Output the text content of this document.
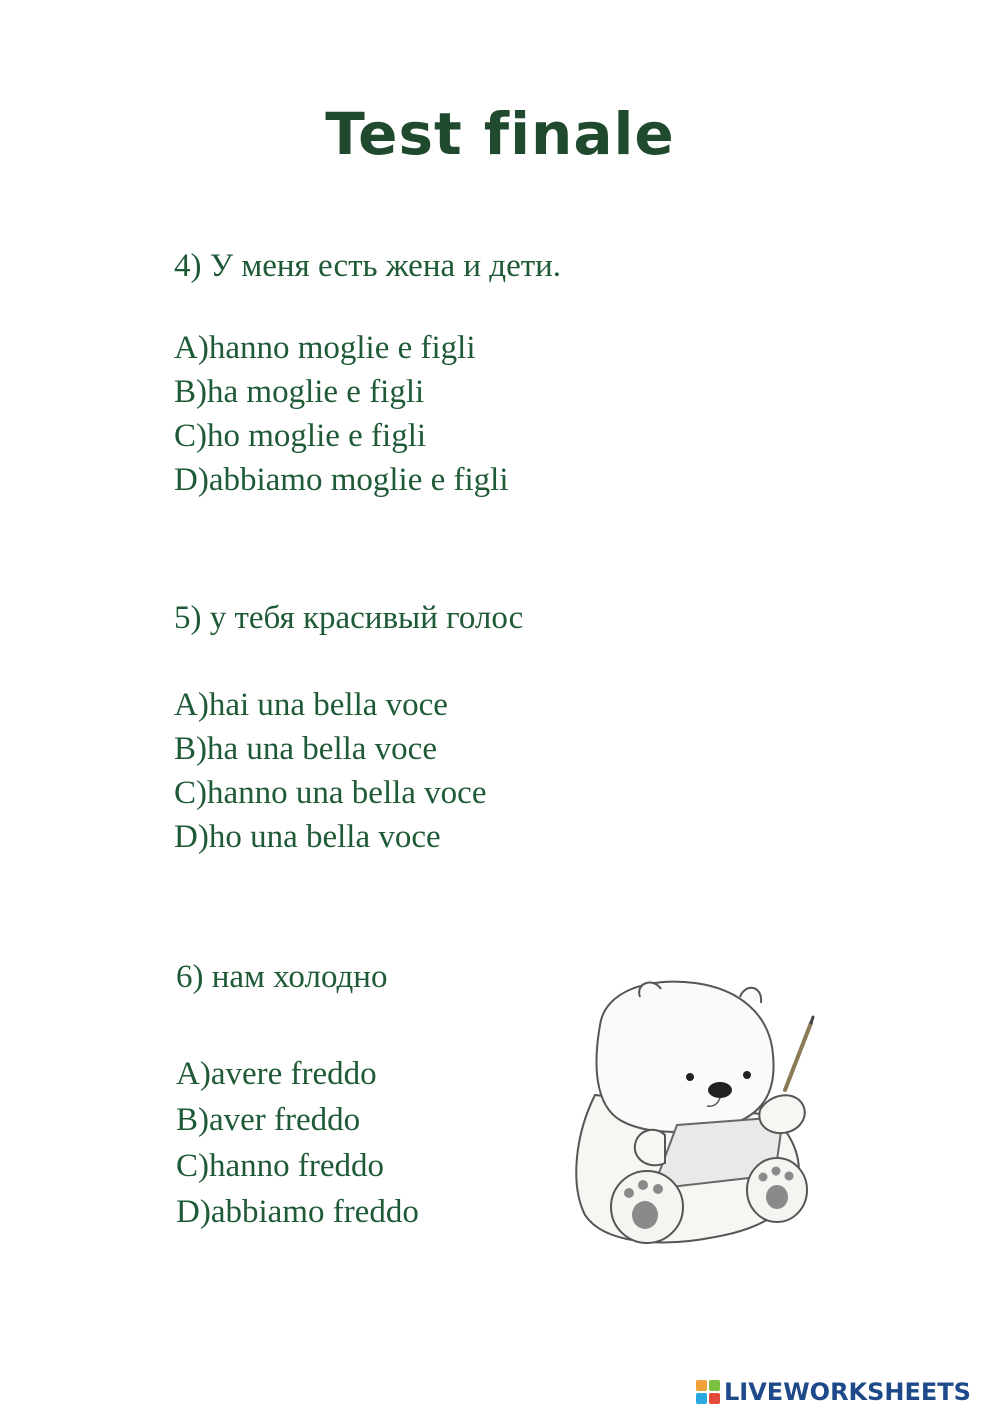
Test finale

4) У меня есть жена и дети.

A)hanno moglie e figli
B)ha moglie e figli
C)ho moglie e figli
D)abbiamo moglie e figli

5) у тебя красивый голос

A)hai una bella voce
B)ha una bella voce
C)hanno una bella voce
D)ho una bella voce

6) нам холодно

A)avere freddo
B)aver freddo
C)hanno freddo
D)abbiamo freddo
LIVEWORKSHEETS
